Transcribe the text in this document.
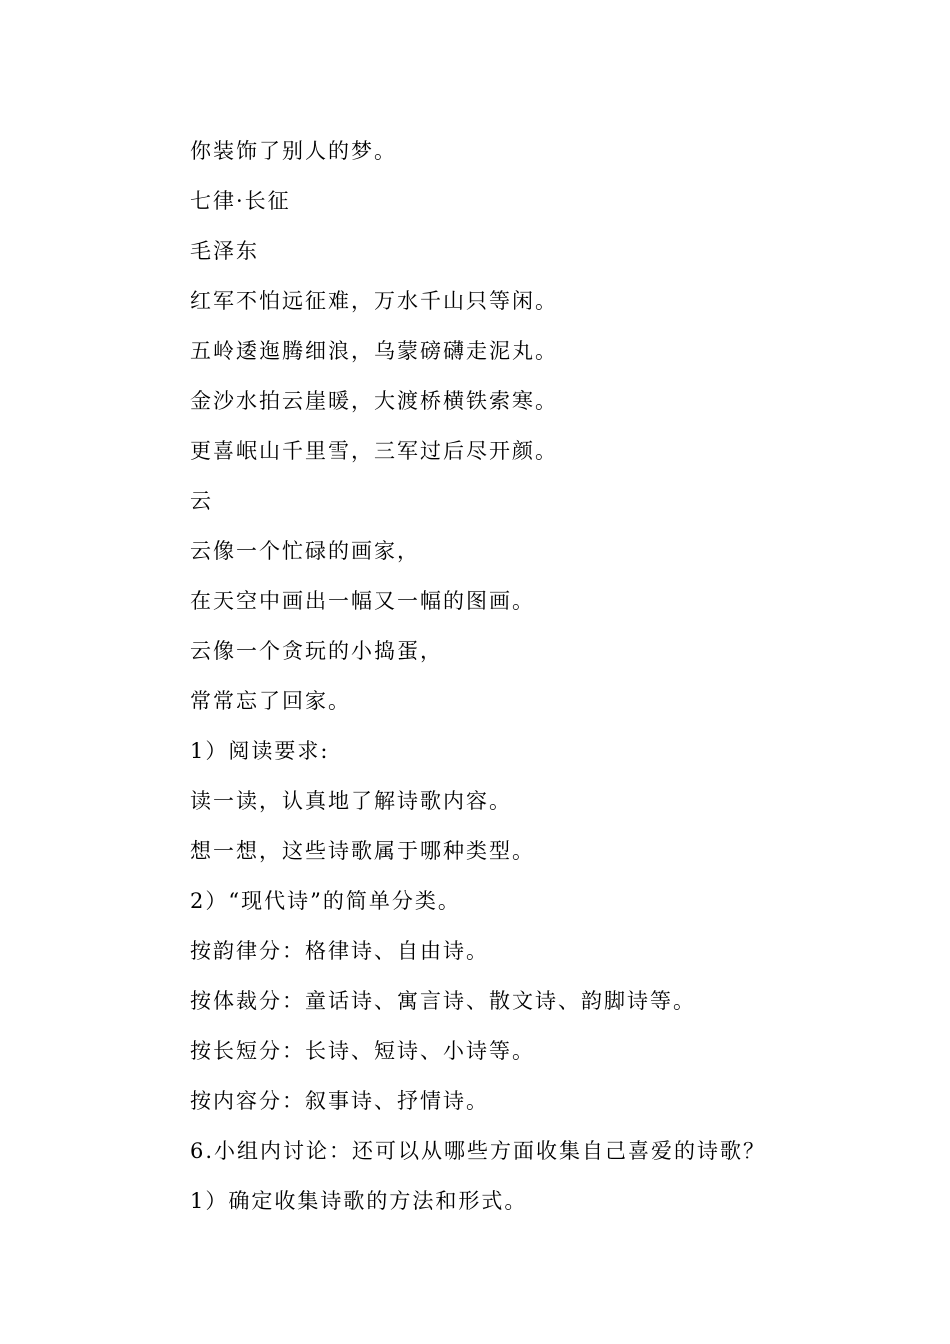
你装饰了别人的梦。
七律·长征
毛泽东
红军不怕远征难，万水千山只等闲。
五岭逶迤腾细浪，乌蒙磅礴走泥丸。
金沙水拍云崖暖，大渡桥横铁索寒。
更喜岷山千里雪，三军过后尽开颜。
云
云像一个忙碌的画家，
在天空中画出一幅又一幅的图画。
云像一个贪玩的小捣蛋，
常常忘了回家。
1）阅读要求:
读一读，认真地了解诗歌内容。
想一想，这些诗歌属于哪种类型。
2）“现代诗”的简单分类。
按韵律分：格律诗、自由诗。
按体裁分：童话诗、寓言诗、散文诗、韵脚诗等。
按长短分：长诗、短诗、小诗等。
按内容分：叙事诗、抒情诗。
6.小组内讨论：还可以从哪些方面收集自己喜爱的诗歌？
1）确定收集诗歌的方法和形式。
